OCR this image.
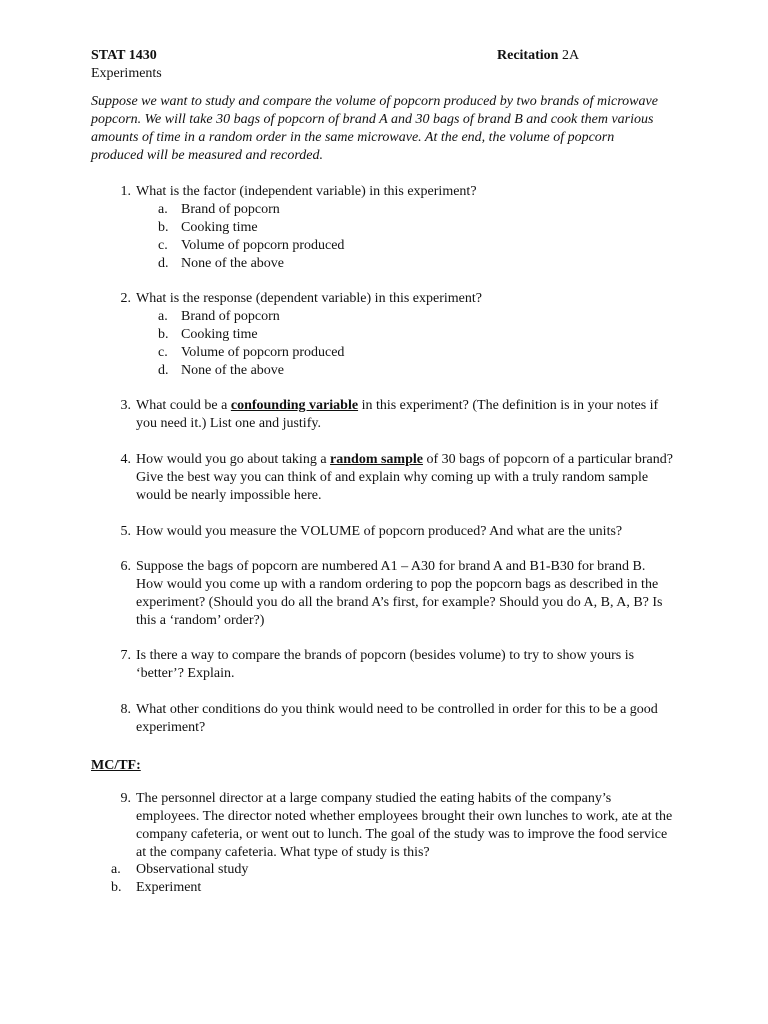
STAT 1430	Recitation 2A
Experiments
Suppose we want to study and compare the volume of popcorn produced by two brands of microwave popcorn. We will take 30 bags of popcorn of brand A and 30 bags of brand B and cook them various amounts of time in a random order in the same microwave. At the end, the volume of popcorn produced will be measured and recorded.
1. What is the factor (independent variable) in this experiment?
a. Brand of popcorn
b. Cooking time
c. Volume of popcorn produced
d. None of the above
2. What is the response (dependent variable) in this experiment?
a. Brand of popcorn
b. Cooking time
c. Volume of popcorn produced
d. None of the above
3. What could be a confounding variable in this experiment? (The definition is in your notes if you need it.) List one and justify.
4. How would you go about taking a random sample of 30 bags of popcorn of a particular brand? Give the best way you can think of and explain why coming up with a truly random sample would be nearly impossible here.
5. How would you measure the VOLUME of popcorn produced? And what are the units?
6. Suppose the bags of popcorn are numbered A1 – A30 for brand A and B1-B30 for brand B. How would you come up with a random ordering to pop the popcorn bags as described in the experiment? (Should you do all the brand A’s first, for example? Should you do A, B, A, B? Is this a ‘random’ order?)
7. Is there a way to compare the brands of popcorn (besides volume) to try to show yours is ‘better’? Explain.
8. What other conditions do you think would need to be controlled in order for this to be a good experiment?
MC/TF:
9. The personnel director at a large company studied the eating habits of the company’s employees. The director noted whether employees brought their own lunches to work, ate at the company cafeteria, or went out to lunch. The goal of the study was to improve the food service at the company cafeteria. What type of study is this?
a.	Observational study
b.	Experiment
